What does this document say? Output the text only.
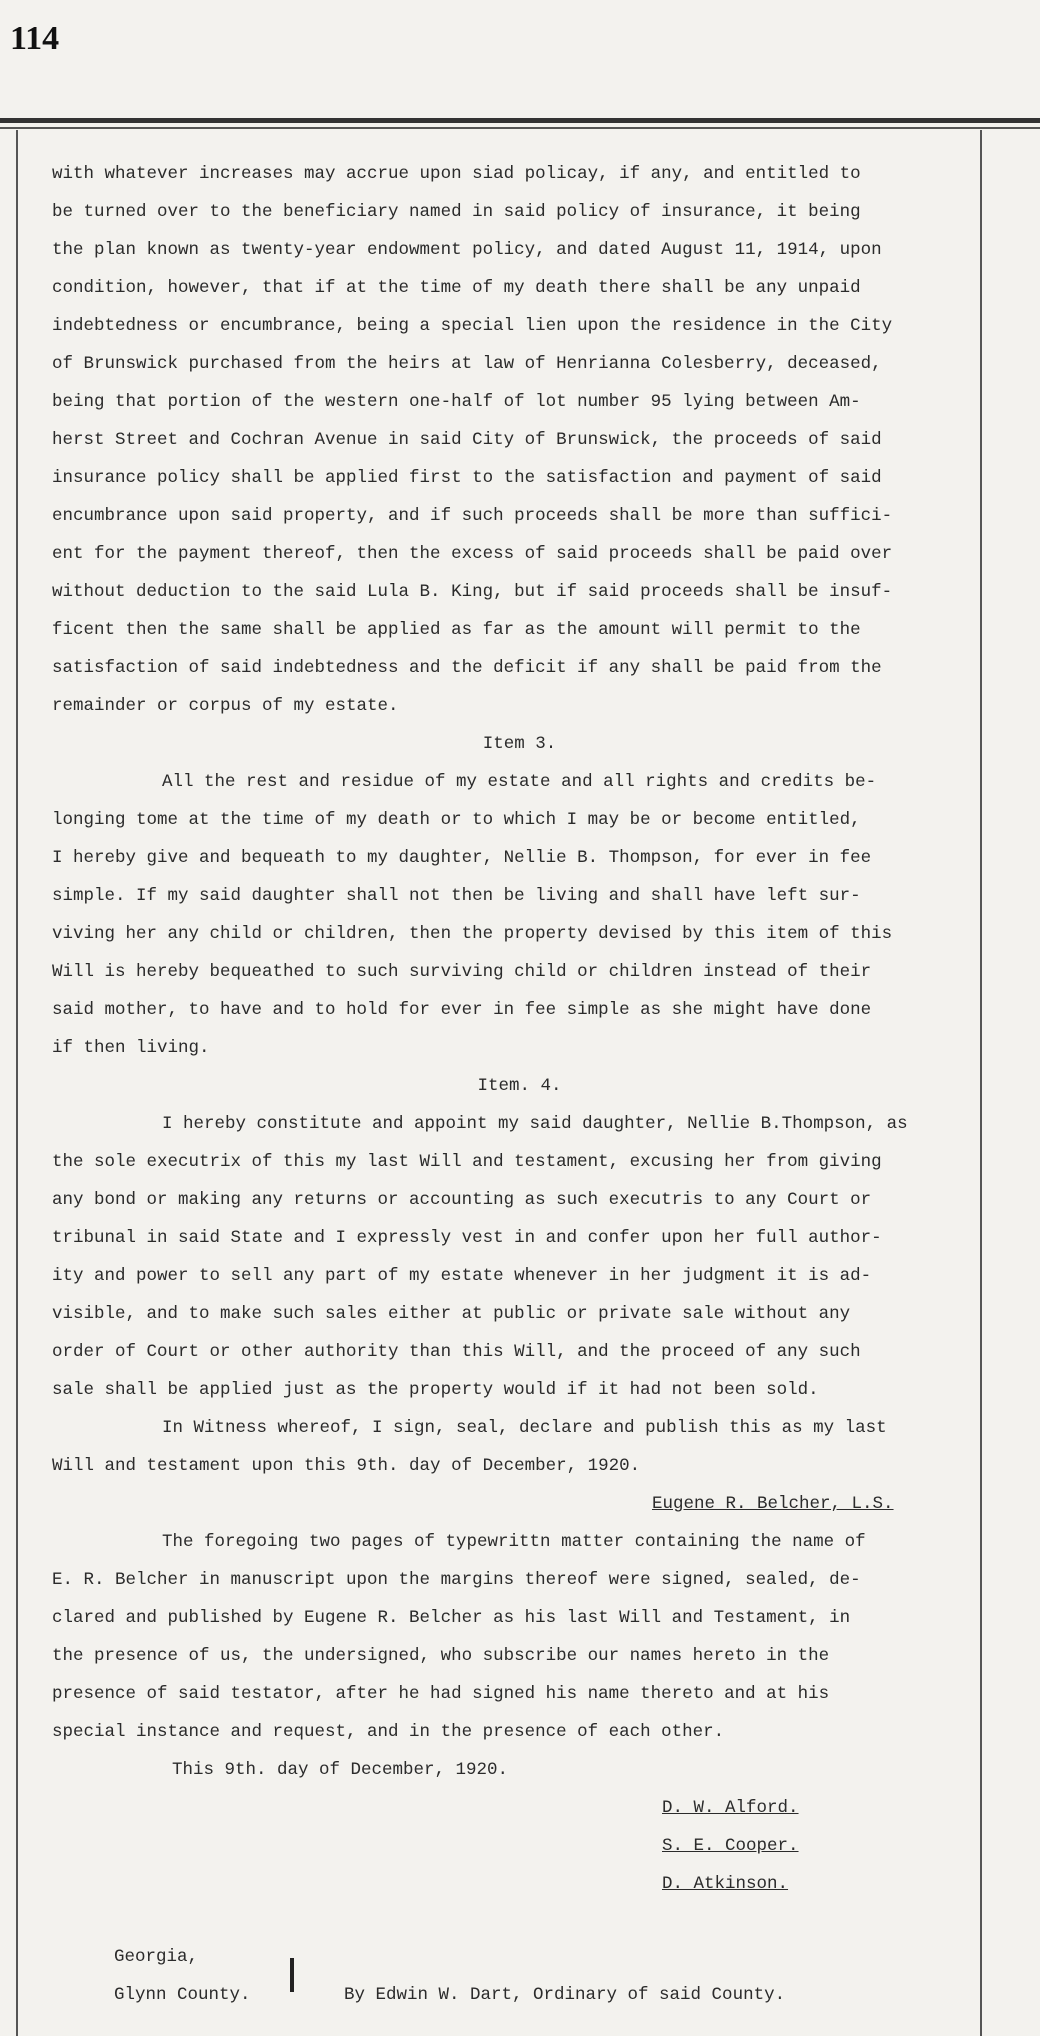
114

with whatever increases may accrue upon siad policay, if any, and entitled to
be turned over to the beneficiary named in said policy of insurance, it being
the plan known as twenty-year endowment policy, and dated August 11, 1914, upon
condition, however, that if at the time of my death there shall be any unpaid
indebtedness or encumbrance, being a special lien upon the residence in the City
of Brunswick purchased from the heirs at law of Henrianna Colesberry, deceased,
being that portion of the western one-half of lot number 95 lying between Am-
herst Street and Cochran Avenue in said City of Brunswick, the proceeds of said
insurance policy shall be applied first to the satisfaction and payment of said
encumbrance upon said property, and if such proceeds shall be more than suffici-
ent for the payment thereof, then the excess of said proceeds shall be paid over
without deduction to the said Lula B. King, but if said proceeds shall be insuf-
ficent then the same shall be applied as far as the amount will permit to the
satisfaction of said indebtedness and the deficit if any shall be paid from the
remainder or corpus of my estate.

Item 3.

All the rest and residue of my estate and all rights and credits be-
longing tome at the time of my death or to which I may be or become entitled,
I hereby give and bequeath to my daughter, Nellie B. Thompson, for ever in fee
simple. If my said daughter shall not then be living and shall have left sur-
viving her any child or children, then the property devised by this item of this
Will is hereby bequeathed to such surviving child or children instead of their
said mother, to have and to hold for ever in fee simple as she might have done
if then living.

Item. 4.

I hereby constitute and appoint my said daughter, Nellie B.Thompson, as
the sole executrix of this my last Will and testament, excusing her from giving
any bond or making any returns or accounting as such executris to any Court or
tribunal in said State and I expressly vest in and confer upon her full author-
ity and power to sell any part of my estate whenever in her judgment it is ad-
visible, and to make such sales either at public or private sale without any
order of Court or other authority than this Will, and the proceed of any such
sale shall be applied just as the property would if it had not been sold.

In Witness whereof, I sign, seal, declare and publish this as my last
Will and testament upon this 9th. day of December, 1920.

Eugene R. Belcher, L.S.

The foregoing two pages of typewrittn matter containing the name of
E. R. Belcher in manuscript upon the margins thereof were signed, sealed, de-
clared and published by Eugene R. Belcher as his last Will and Testament, in
the presence of us, the undersigned, who subscribe our names hereto in the
presence of said testator, after he had signed his name thereto and at his
special instance and request, and in the presence of each other.

This 9th. day of December, 1920.

D. W. Alford.
S. E. Cooper.
D. Atkinson.
Georgia,
Glynn County.	By Edwin W. Dart, Ordinary of said County.
